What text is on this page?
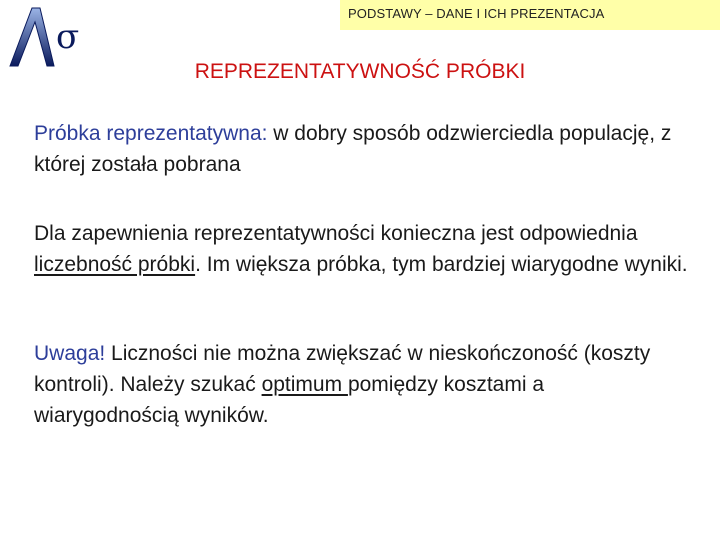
PODSTAWY – DANE I ICH PREZENTACJA
σ
REPREZENTATYWNOŚĆ PRÓBKI
Próbka reprezentatywna: w dobry sposób odzwierciedla populację, z której została pobrana
Dla zapewnienia reprezentatywności konieczna jest odpowiednia liczebność próbki. Im większa próbka, tym bardziej wiarygodne wyniki.
Uwaga! Liczności nie można zwiększać w nieskończoność (koszty kontroli). Należy szukać optimum pomiędzy kosztami a wiarygodnością wyników.
